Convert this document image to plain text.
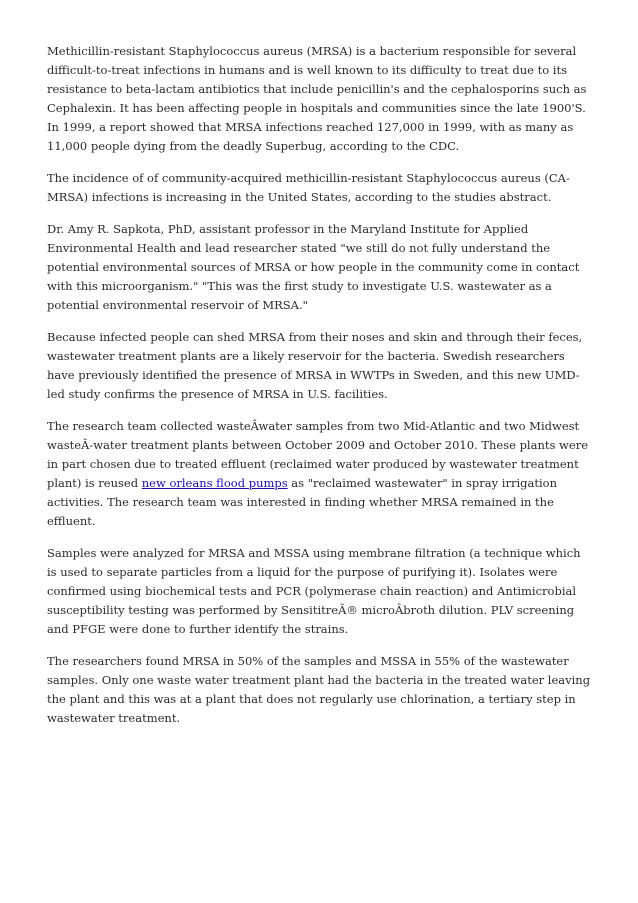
Methicillin-resistant Staphylococcus aureus (MRSA) is a bacterium responsible for several difficult-to-treat infections in humans and is well known to its difficulty to treat due to its resistance to beta-lactam antibiotics that include penicillin's and the cephalosporins such as Cephalexin. It has been affecting people in hospitals and communities since the late 1900'S. In 1999, a report showed that MRSA infections reached 127,000 in 1999, with as many as 11,000 people dying from the deadly Superbug, according to the CDC.

The incidence of of community-acquired methicillin-resistant Staphylococcus aureus (CA-MRSA) infections is increasing in the United States, according to the studies abstract.

Dr. Amy R. Sapkota, PhD, assistant professor in the Maryland Institute for Applied Environmental Health and lead researcher stated "we still do not fully understand the potential environmental sources of MRSA or how people in the community come in contact with this microorganism." "This was the first study to investigate U.S. wastewater as a potential environmental reservoir of MRSA."

Because infected people can shed MRSA from their noses and skin and through their feces, wastewater treatment plants are a likely reservoir for the bacteria. Swedish researchers have previously identified the presence of MRSA in WWTPs in Sweden, and this new UMD-led study confirms the presence of MRSA in U.S. facilities.

The research team collected wasteÂwater samples from two Mid-Atlantic and two Midwest wasteÂ-water treatment plants between October 2009 and October 2010. These plants were in part chosen due to treated effluent (reclaimed water produced by wastewater treatment plant) is reused new orleans flood pumps as "reclaimed wastewater" in spray irrigation activities. The research team was interested in finding whether MRSA remained in the effluent.

Samples were analyzed for MRSA and MSSA using membrane filtration (a technique which is used to separate particles from a liquid for the purpose of purifying it). Isolates were confirmed using biochemical tests and PCR (polymerase chain reaction) and Antimicrobial susceptibility testing was performed by SensititreÂ® microÂbroth dilution. PLV screening and PFGE were done to further identify the strains.

The researchers found MRSA in 50% of the samples and MSSA in 55% of the wastewater samples. Only one waste water treatment plant had the bacteria in the treated water leaving the plant and this was at a plant that does not regularly use chlorination, a tertiary step in wastewater treatment.
